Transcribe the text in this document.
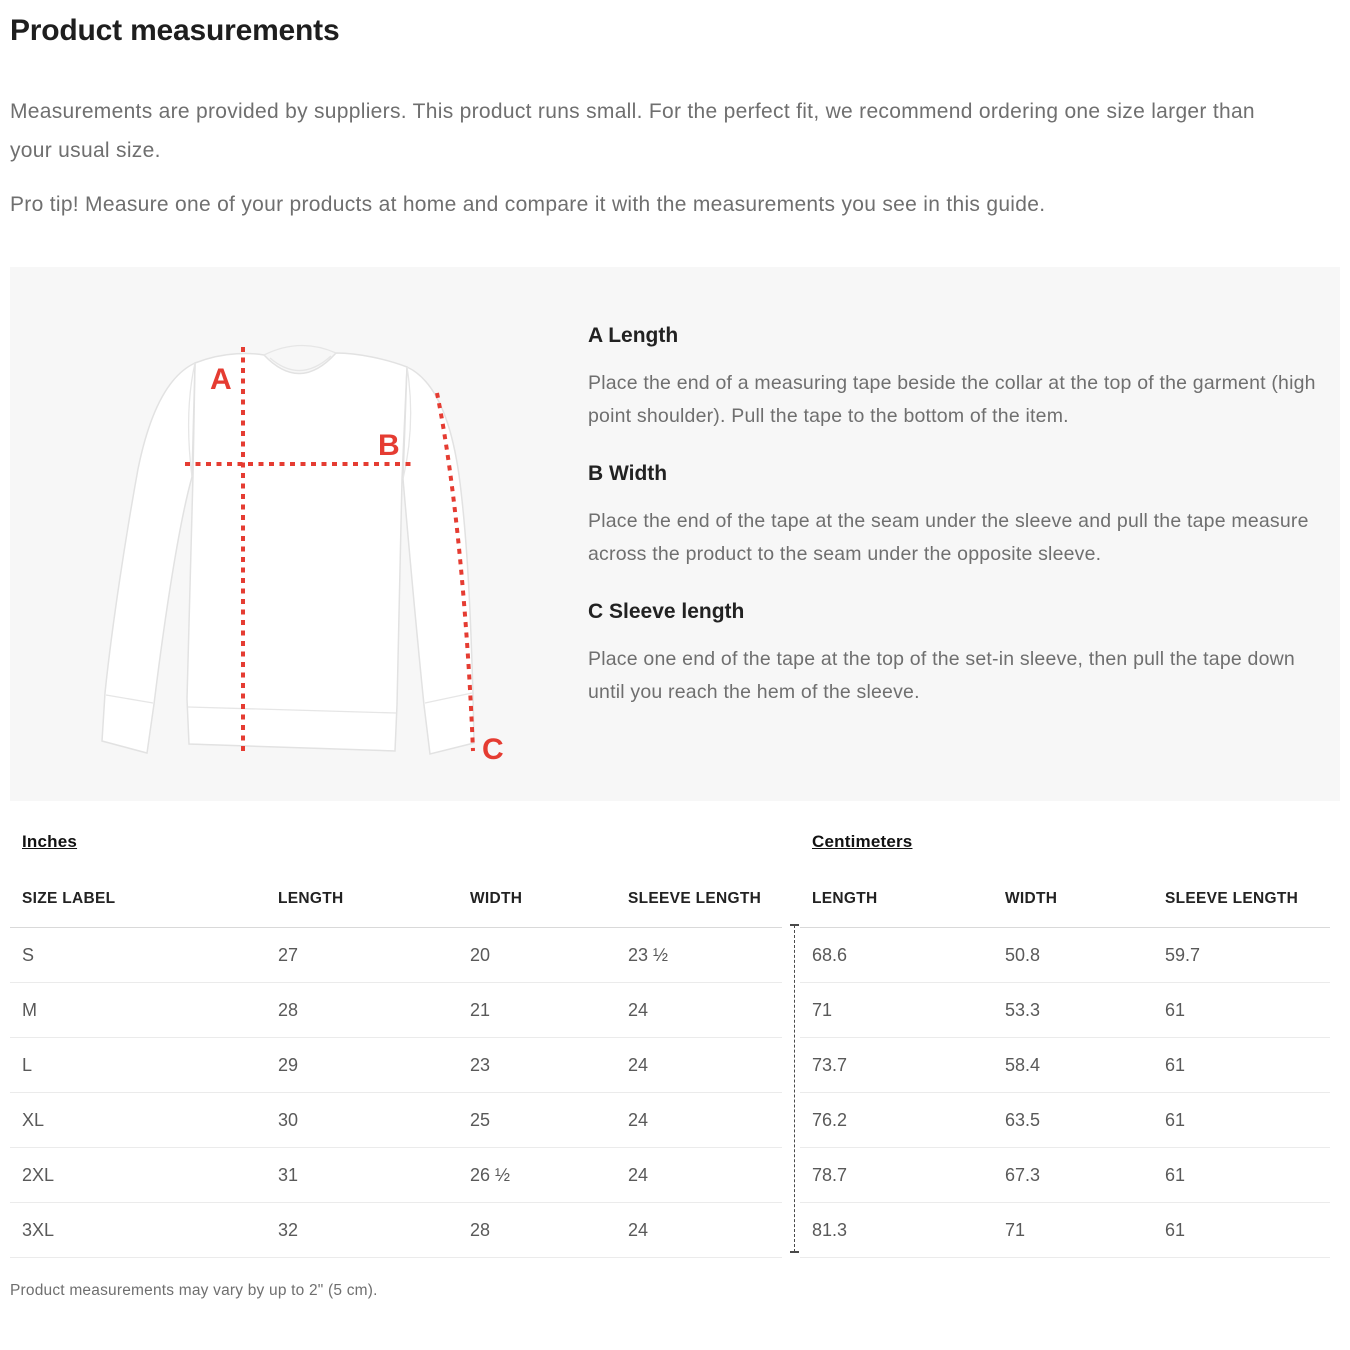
Product measurements

Measurements are provided by suppliers. This product runs small. For the perfect fit, we recommend ordering one size larger than your usual size.

Pro tip! Measure one of your products at home and compare it with the measurements you see in this guide.

A
B
C
A Length

Place the end of a measuring tape beside the collar at the top of the garment (high point shoulder). Pull the tape to the bottom of the item.

B Width

Place the end of the tape at the seam under the sleeve and pull the tape measure across the product to the seam under the opposite sleeve.

C Sleeve length

Place one end of the tape at the top of the set-in sleeve, then pull the tape down until you reach the hem of the sleeve.

Inches
SIZE LABEL	LENGTH	WIDTH	SLEEVE LENGTH
S	27	20	23 ½
M	28	21	24
L	29	23	24
XL	30	25	24
2XL	31	26 ½	24
3XL	32	28	24
Centimeters
LENGTH	WIDTH	SLEEVE LENGTH
68.6	50.8	59.7
71	53.3	61
73.7	58.4	61
76.2	63.5	61
78.7	67.3	61
81.3	71	61

Product measurements may vary by up to 2" (5 cm).
